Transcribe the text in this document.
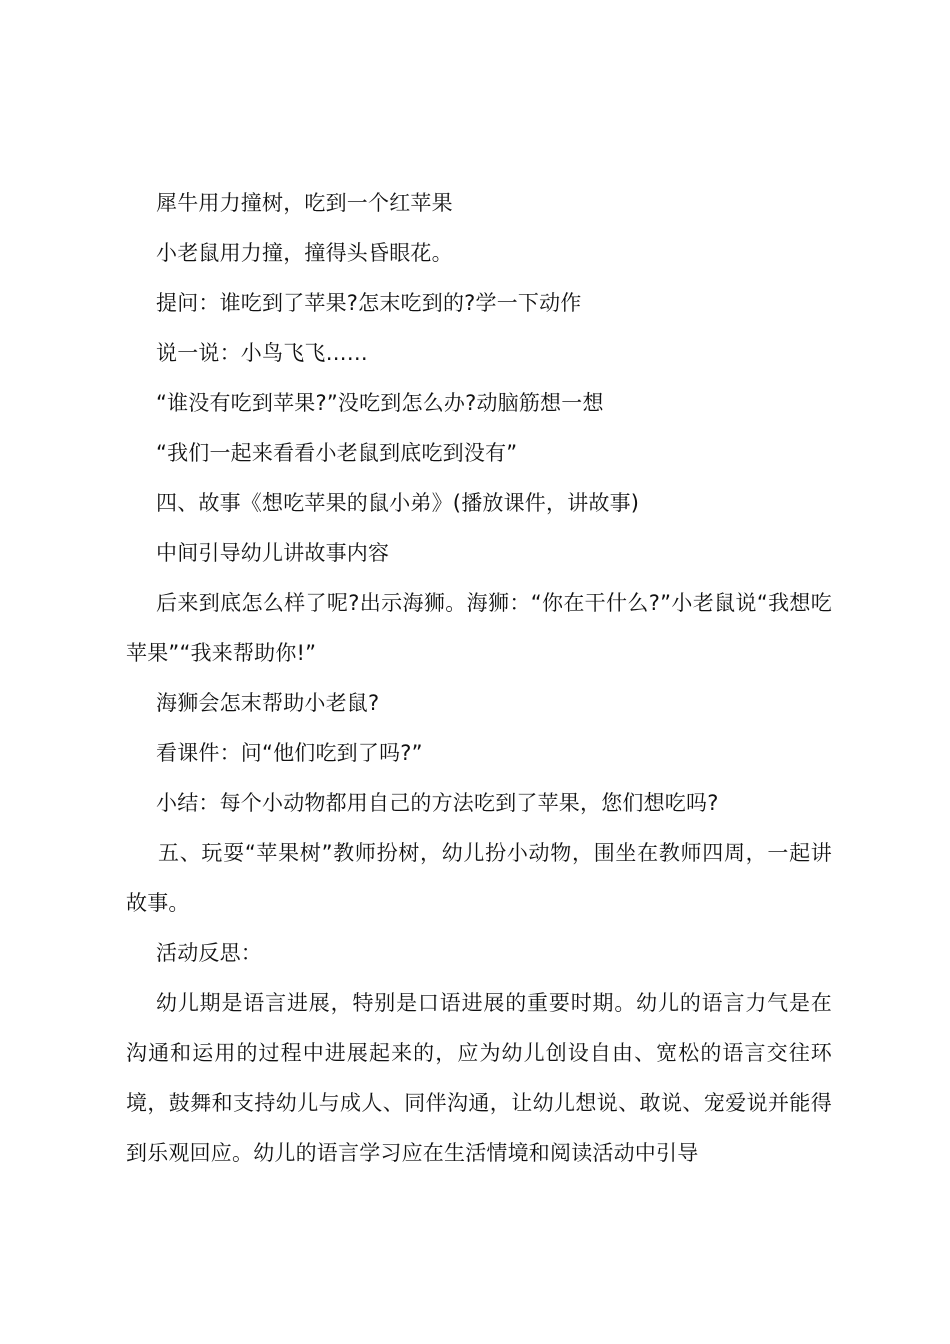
犀牛用力撞树，吃到一个红苹果

小老鼠用力撞，撞得头昏眼花。

提问：谁吃到了苹果?怎末吃到的?学一下动作

说一说：小鸟飞飞……

“谁没有吃到苹果?”没吃到怎么办?动脑筋想一想

“我们一起来看看小老鼠到底吃到没有”

四、故事《想吃苹果的鼠小弟》(播放课件，讲故事)

中间引导幼儿讲故事内容

后来到底怎么样了呢?出示海狮。海狮：“你在干什么?”小老鼠说“我想吃苹果”“我来帮助你!”

海狮会怎末帮助小老鼠?

看课件：问“他们吃到了吗?”

小结：每个小动物都用自己的方法吃到了苹果，您们想吃吗?

五、玩耍“苹果树”教师扮树，幼儿扮小动物，围坐在教师四周，一起讲故事。

活动反思：

幼儿期是语言进展，特别是口语进展的重要时期。幼儿的语言力气是在沟通和运用的过程中进展起来的，应为幼儿创设自由、宽松的语言交往环境，鼓舞和支持幼儿与成人、同伴沟通，让幼儿想说、敢说、宠爱说并能得到乐观回应。幼儿的语言学习应在生活情境和阅读活动中引导
